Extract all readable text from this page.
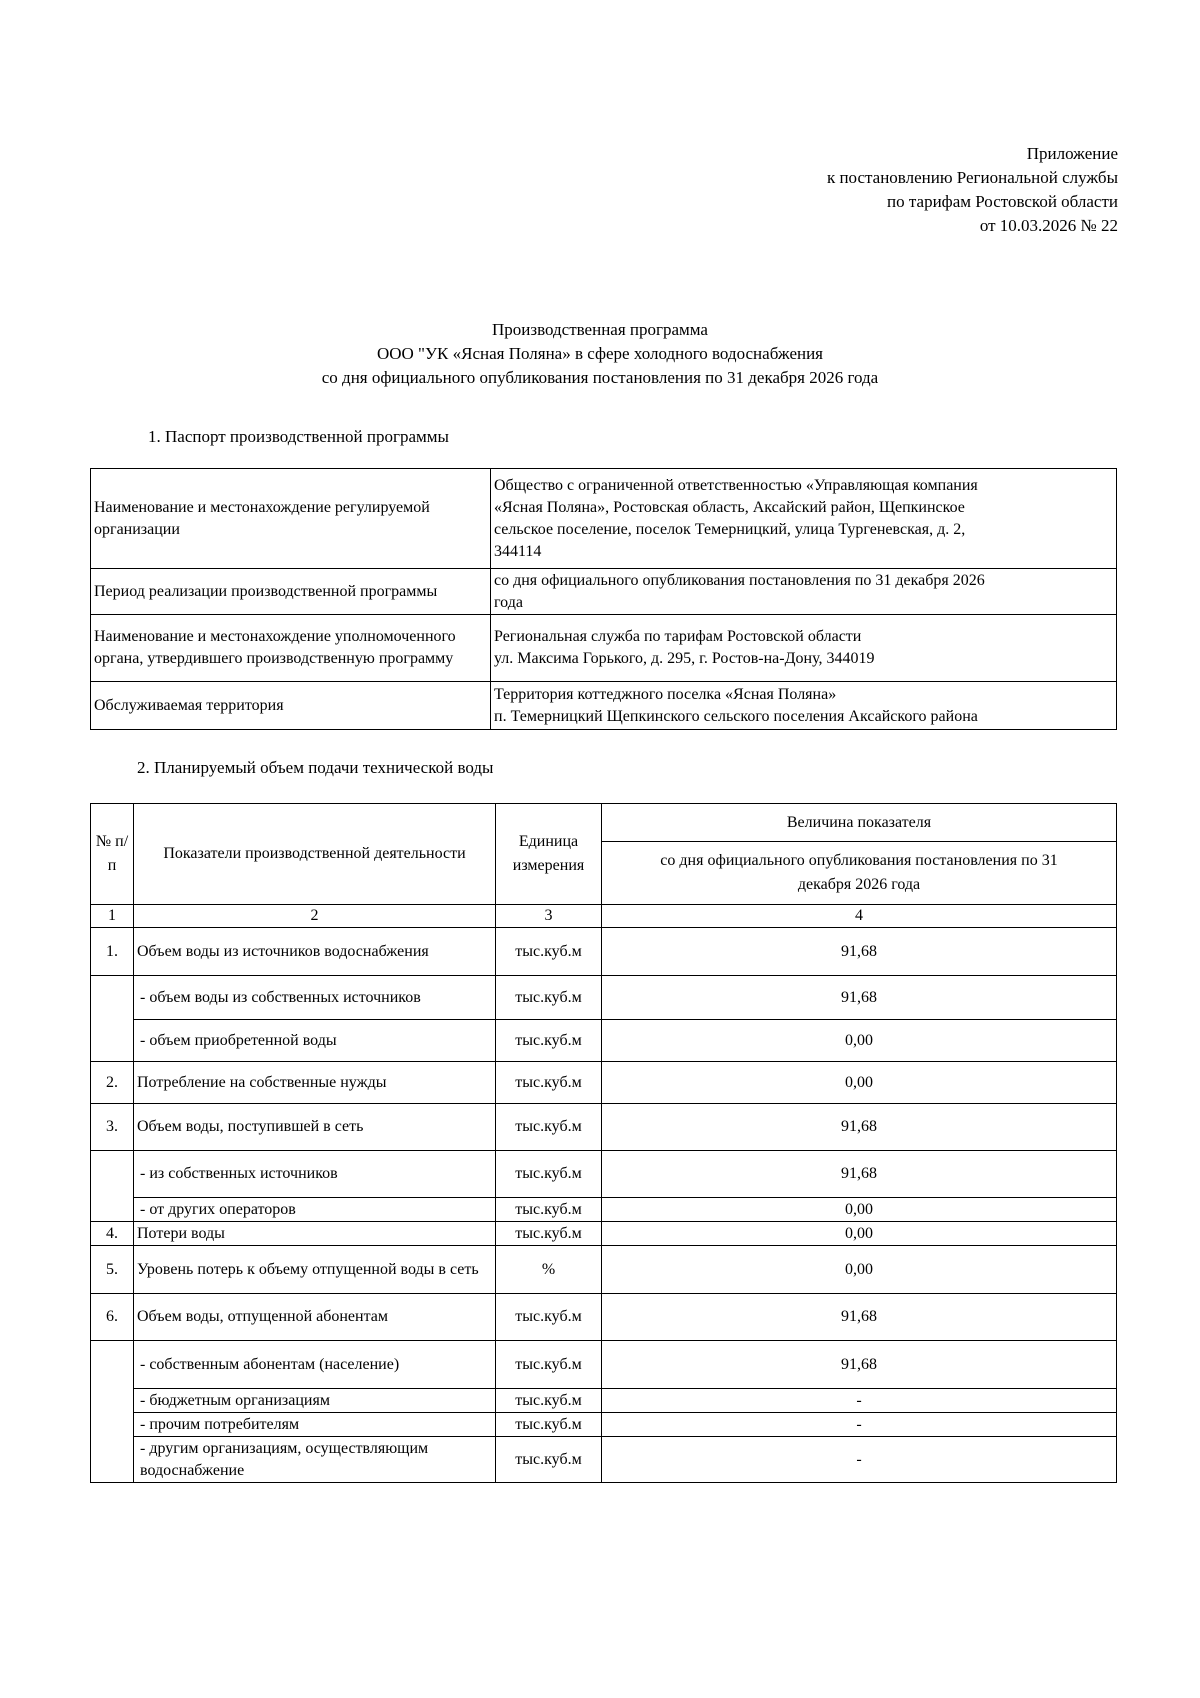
Приложение
к постановлению Региональной службы
по тарифам Ростовской области
от 10.03.2026 № 22
Производственная программа
ООО "УК «Ясная Поляна» в сфере холодного водоснабжения
со дня официального опубликования постановления по 31 декабря 2026 года
1. Паспорт производственной программы
Наименование и местонахождение регулируемой организации	Общество с ограниченной ответственностью «Управляющая компания
«Ясная Поляна», Ростовская область, Аксайский район, Щепкинское
сельское поселение, поселок Темерницкий, улица Тургеневская, д. 2,
344114

Период реализации производственной программы	со дня официального опубликования постановления по 31 декабря 2026
года

Наименование и местонахождение уполномоченного органа, утвердившего производственную программу	Региональная служба по тарифам Ростовской области
ул. Максима Горького, д. 295, г. Ростов-на-Дону, 344019

Обслуживаемая территория	Территория коттеджного поселка «Ясная Поляна»
п. Темерницкий Щепкинского сельского поселения Аксайского района
2. Планируемый объем подачи технической воды
№ п/п	Показатели производственной деятельности	Единица измерения	Величина показателя
			со дня официального опубликования постановления по 31 декабря 2026 года
1	2	3	4
1.	Объем воды из источников водоснабжения	тыс.куб.м	91,68
	- объем воды из собственных источников	тыс.куб.м	91,68
	- объем приобретенной воды	тыс.куб.м	0,00
2.	Потребление на собственные нужды	тыс.куб.м	0,00
3.	Объем воды, поступившей в сеть	тыс.куб.м	91,68
	- из собственных источников	тыс.куб.м	91,68
	- от других операторов	тыс.куб.м	0,00
4.	Потери воды	тыс.куб.м	0,00
5.	Уровень потерь к объему отпущенной воды в сеть	%	0,00
6.	Объем воды, отпущенной абонентам	тыс.куб.м	91,68
	- собственным абонентам (население)	тыс.куб.м	91,68
	- бюджетным организациям	тыс.куб.м	-
	- прочим потребителям	тыс.куб.м	-
	- другим организациям, осуществляющим водоснабжение	тыс.куб.м	-
